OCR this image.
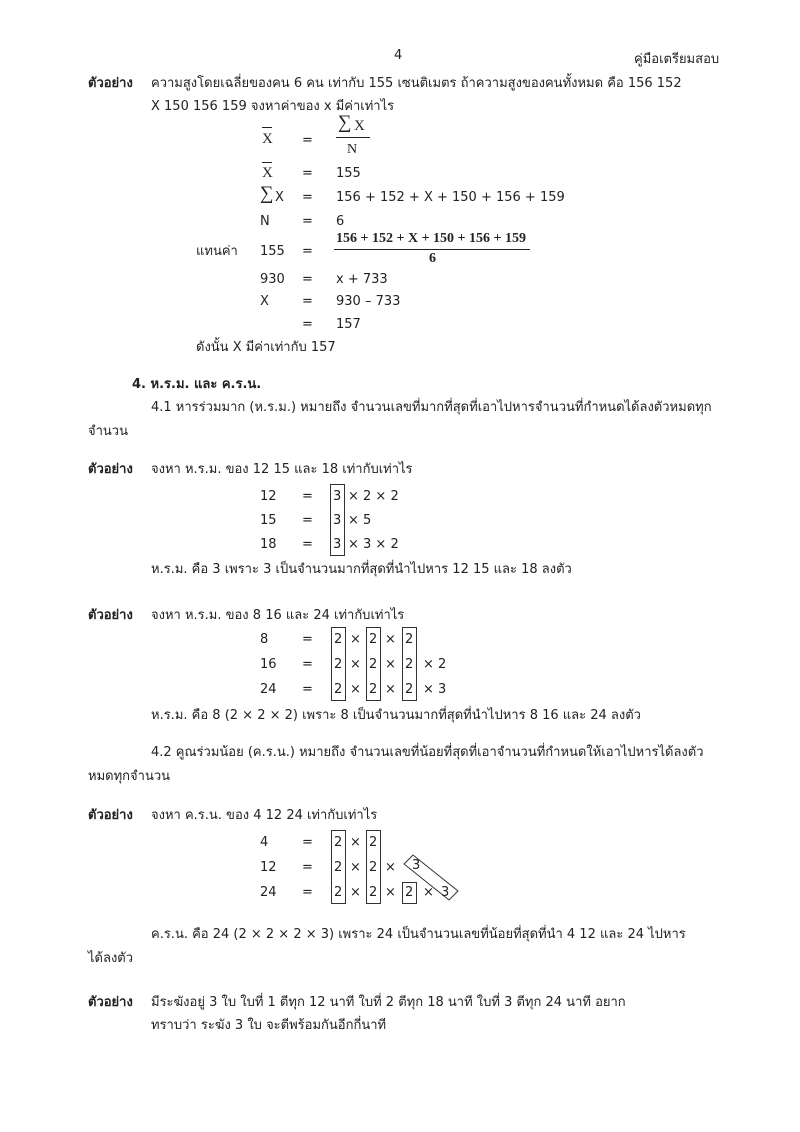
4	คู่มือเตรียมสอบ
ตัวอย่าง ความสูงโดยเฉลี่ยของคน 6 คน เท่ากับ 155 เซนติเมตร ถ้าความสูงของคนทั้งหมด คือ 156 152
X 150 156 159 จงหาค่าของ x มีค่าเท่าไร
X =
∑ X
N
X = 155
∑ X = 156 + 152 + X + 150 + 156 + 159
N = 6
แทนค่า 155 =
156 + 152 + X + 150 + 156 + 159
6
930 = x + 733
X	= 930 – 733
= 157
ดังนั้น X มีค่าเท่ากับ 157
4. ห.ร.ม. และ ค.ร.น.
4.1 หารร่วมมาก (ห.ร.ม.) หมายถึง จำนวนเลขที่มากที่สุดที่เอาไปหารจำนวนที่กำหนดได้ลงตัวหมดทุก
จำนวน
ตัวอย่าง จงหา ห.ร.ม. ของ 12 15 และ 18 เท่ากับเท่าไร
12 = 3 × 2 × 2
15 = 3 × 5
18 = 3 × 3 × 2
ห.ร.ม. คือ 3 เพราะ 3 เป็นจำนวนมากที่สุดที่นำไปหาร 12 15 และ 18 ลงตัว
ตัวอย่าง จงหา ห.ร.ม. ของ 8 16 และ 24 เท่ากับเท่าไร
8	= 2 × 2 × 2
16 = 2 × 2 × 2 × 2
24 = 2 × 2 × 2 × 3
ห.ร.ม. คือ 8 (2 × 2 × 2) เพราะ 8 เป็นจำนวนมากที่สุดที่นำไปหาร 8 16 และ 24 ลงตัว
4.2 คูณร่วมน้อย (ค.ร.น.) หมายถึง จำนวนเลขที่น้อยที่สุดที่เอาจำนวนที่กำหนดให้เอาไปหารได้ลงตัว
หมดทุกจำนวน
ตัวอย่าง จงหา ค.ร.น. ของ 4 12 24 เท่ากับเท่าไร
4	= 2 × 2
12 = 2 × 2 × 3
24 = 2 × 2 × 2 × 3
ค.ร.น. คือ 24 (2 × 2 × 2 × 3) เพราะ 24 เป็นจำนวนเลขที่น้อยที่สุดที่นำ 4 12 และ 24 ไปหาร
ได้ลงตัว
ตัวอย่าง มีระฆังอยู่ 3 ใบ ใบที่ 1 ตีทุก 12 นาที ใบที่ 2 ตีทุก 18 นาที ใบที่ 3 ตีทุก 24 นาที อยาก
ทราบว่า ระฆัง 3 ใบ จะตีพร้อมกันอีกกี่นาที
